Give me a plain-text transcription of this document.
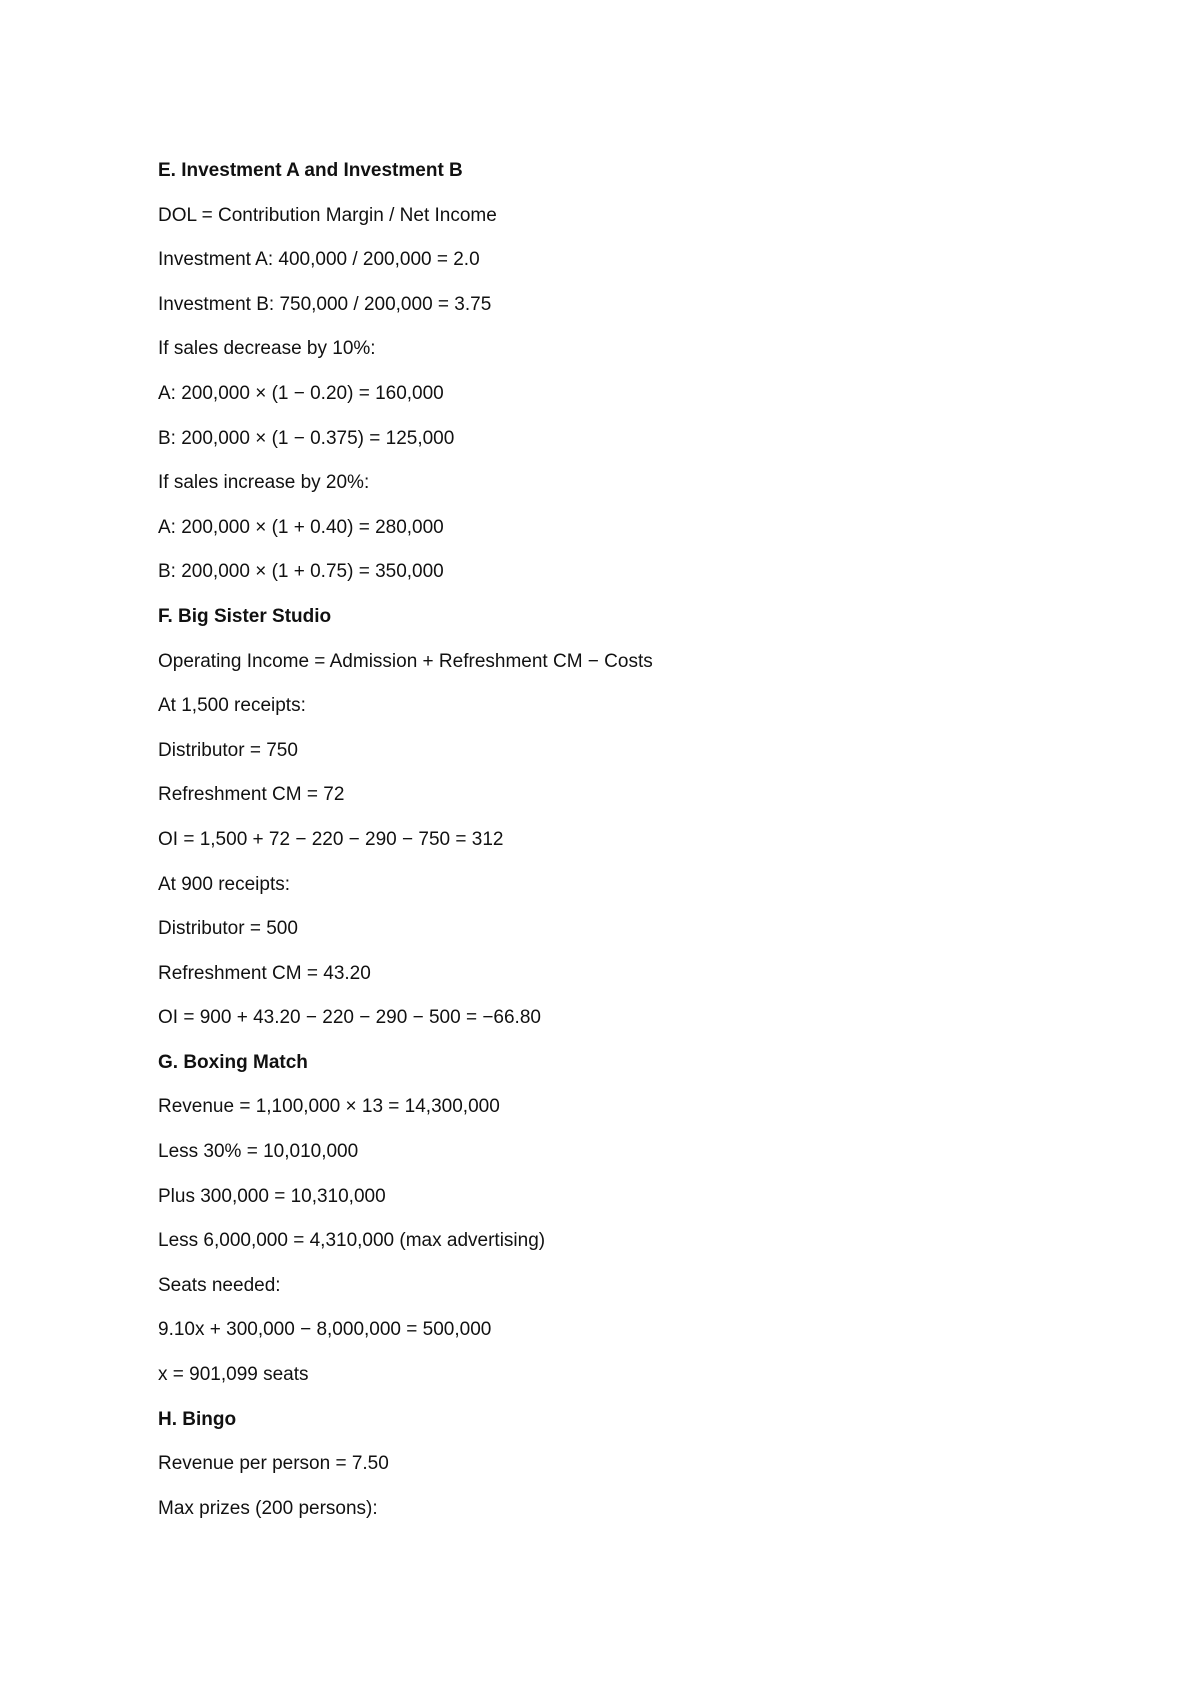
E. Investment A and Investment B
DOL = Contribution Margin / Net Income
Investment A: 400,000 / 200,000 = 2.0
Investment B: 750,000 / 200,000 = 3.75
If sales decrease by 10%:
A: 200,000 × (1 − 0.20) = 160,000
B: 200,000 × (1 − 0.375) = 125,000
If sales increase by 20%:
A: 200,000 × (1 + 0.40) = 280,000
B: 200,000 × (1 + 0.75) = 350,000
F. Big Sister Studio
Operating Income = Admission + Refreshment CM − Costs
At 1,500 receipts:
Distributor = 750
Refreshment CM = 72
OI = 1,500 + 72 − 220 − 290 − 750 = 312
At 900 receipts:
Distributor = 500
Refreshment CM = 43.20
OI = 900 + 43.20 − 220 − 290 − 500 = −66.80
G. Boxing Match
Revenue = 1,100,000 × 13 = 14,300,000
Less 30% = 10,010,000
Plus 300,000 = 10,310,000
Less 6,000,000 = 4,310,000 (max advertising)
Seats needed:
9.10x + 300,000 − 8,000,000 = 500,000
x = 901,099 seats
H. Bingo
Revenue per person = 7.50
Max prizes (200 persons):
